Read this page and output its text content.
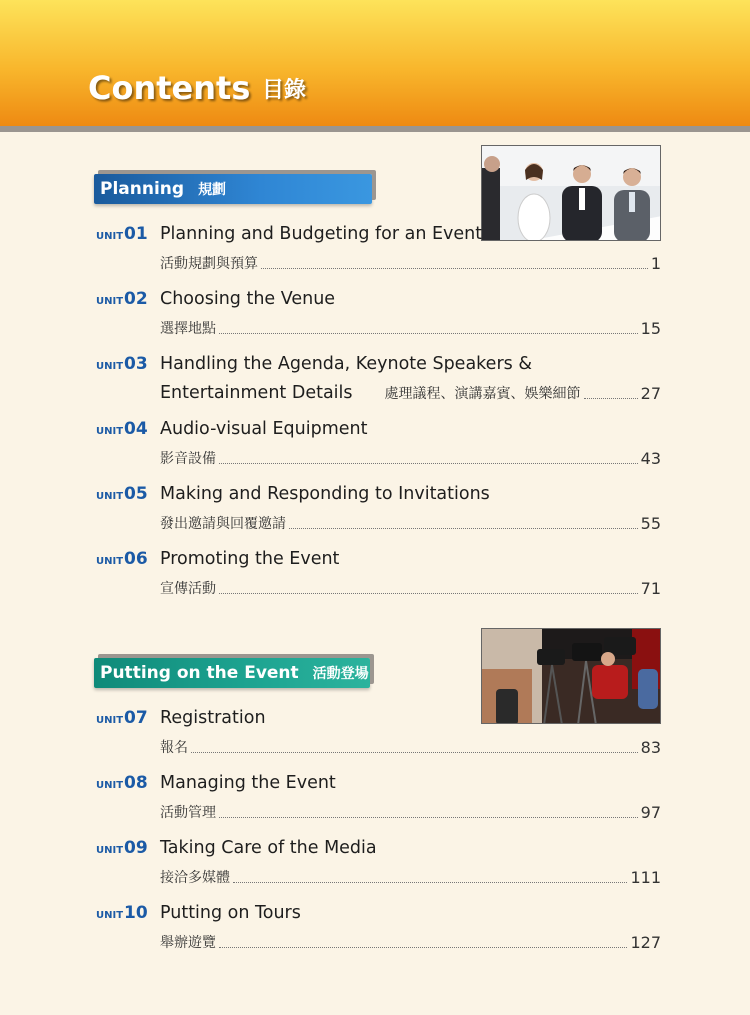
Contents 目錄
Planning 規劃
UNIT 01 Planning and Budgeting for an Event
活動規劃與預算	1
UNIT 02 Choosing the Venue
選擇地點	15
UNIT 03 Handling the Agenda, Keynote Speakers &
Entertainment Details 處理議程、演講嘉賓、娛樂細節	27
UNIT 04 Audio-visual Equipment
影音設備	43
UNIT 05 Making and Responding to Invitations
發出邀請與回覆邀請	55
UNIT 06 Promoting the Event
宣傳活動	71
Putting on the Event 活動登場
UNIT 07 Registration
報名	83
UNIT 08 Managing the Event
活動管理	97
UNIT 09 Taking Care of the Media
接洽多媒體	111
UNIT 10 Putting on Tours
舉辦遊覽	127
